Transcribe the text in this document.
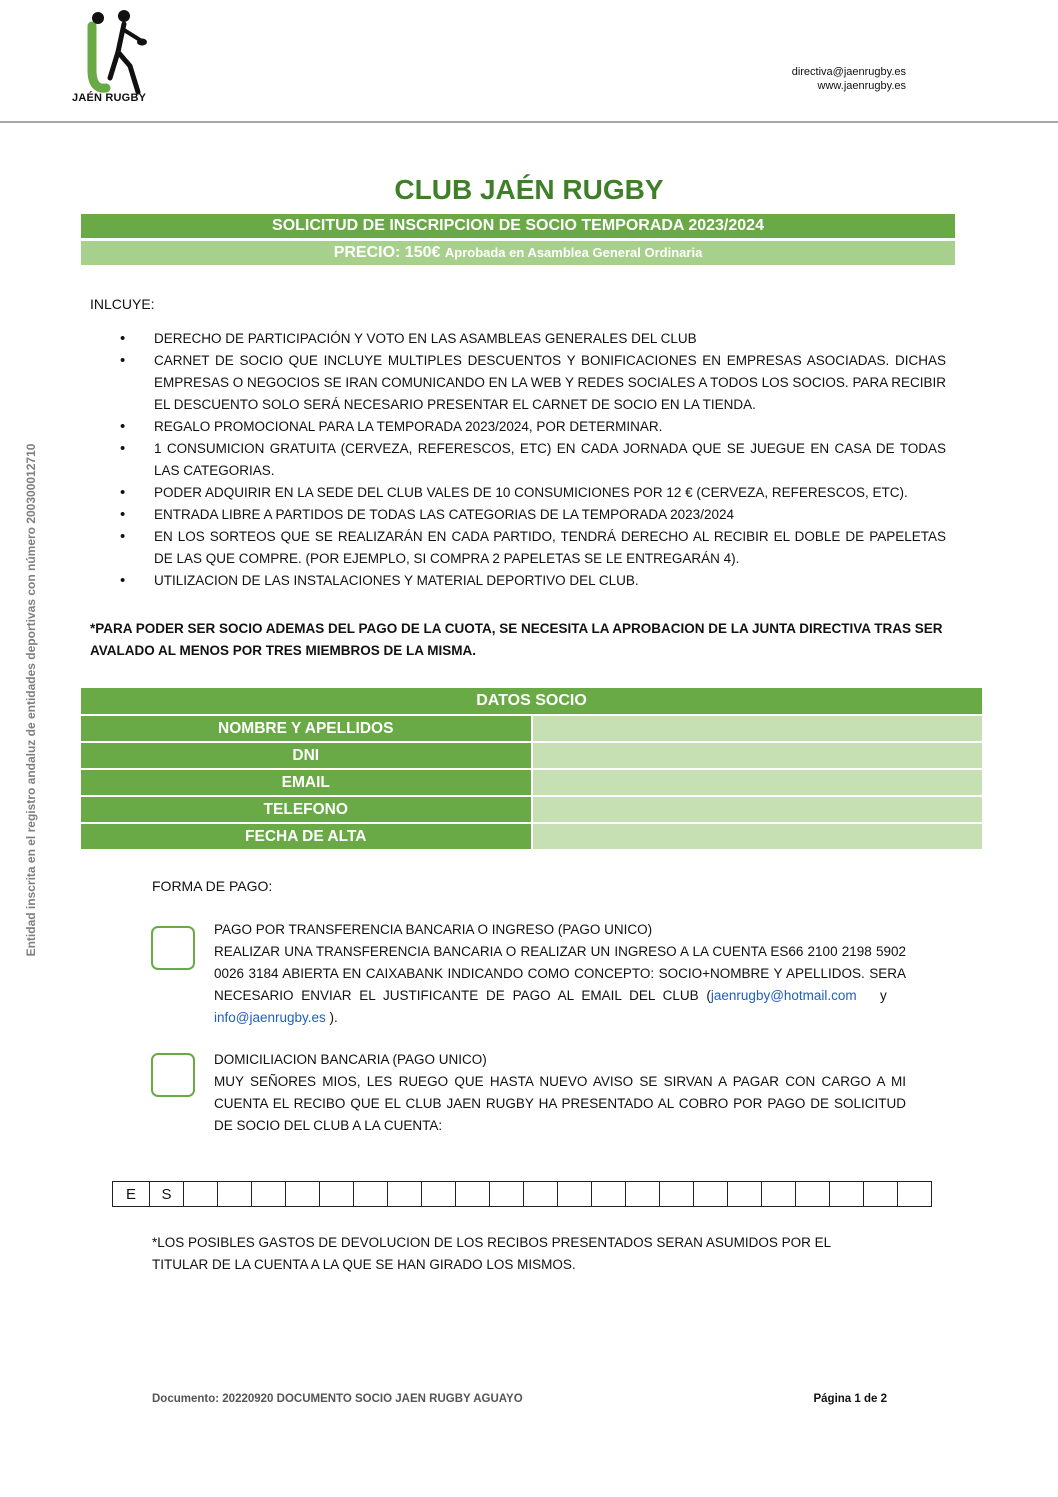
JAÉN RUGBY
directiva@jaenrugby.es
www.jaenrugby.es
CLUB JAÉN RUGBY
SOLICITUD DE INSCRIPCION DE SOCIO TEMPORADA 2023/2024
PRECIO: 150€ Aprobada en Asamblea General Ordinaria
INLCUYE:
• DERECHO DE PARTICIPACIÓN Y VOTO EN LAS ASAMBLEAS GENERALES DEL CLUB
• CARNET DE SOCIO QUE INCLUYE MULTIPLES DESCUENTOS Y BONIFICACIONES EN EMPRESAS ASOCIADAS. DICHAS EMPRESAS O NEGOCIOS SE IRAN COMUNICANDO EN LA WEB Y REDES SOCIALES A TODOS LOS SOCIOS. PARA RECIBIR EL DESCUENTO SOLO SERÁ NECESARIO PRESENTAR EL CARNET DE SOCIO EN LA TIENDA.
• REGALO PROMOCIONAL PARA LA TEMPORADA 2023/2024, POR DETERMINAR.
• 1 CONSUMICION GRATUITA (CERVEZA, REFERESCOS, ETC) EN CADA JORNADA QUE SE JUEGUE EN CASA DE TODAS LAS CATEGORIAS.
• PODER ADQUIRIR EN LA SEDE DEL CLUB VALES DE 10 CONSUMICIONES POR 12 € (CERVEZA, REFERESCOS, ETC).
• ENTRADA LIBRE A PARTIDOS DE TODAS LAS CATEGORIAS DE LA TEMPORADA 2023/2024
• EN LOS SORTEOS QUE SE REALIZARÁN EN CADA PARTIDO, TENDRÁ DERECHO AL RECIBIR EL DOBLE DE PAPELETAS DE LAS QUE COMPRE. (POR EJEMPLO, SI COMPRA 2 PAPELETAS SE LE ENTREGARÁN 4).
• UTILIZACION DE LAS INSTALACIONES Y MATERIAL DEPORTIVO DEL CLUB.
*PARA PODER SER SOCIO ADEMAS DEL PAGO DE LA CUOTA, SE NECESITA LA APROBACION DE LA JUNTA DIRECTIVA TRAS SER AVALADO AL MENOS POR TRES MIEMBROS DE LA MISMA.
DATOS SOCIO	
NOMBRE Y APELLIDOS	
DNI	
EMAIL	
TELEFONO	
FECHA DE ALTA	
FORMA DE PAGO:
PAGO POR TRANSFERENCIA BANCARIA O INGRESO (PAGO UNICO)
REALIZAR UNA TRANSFERENCIA BANCARIA O REALIZAR UN INGRESO A LA CUENTA ES66 2100 2198 5902 0026 3184 ABIERTA EN CAIXABANK INDICANDO COMO CONCEPTO: SOCIO+NOMBRE Y APELLIDOS. SERA NECESARIO ENVIAR EL JUSTIFICANTE DE PAGO AL EMAIL DEL CLUB (jaenrugby@hotmail.com y    info@jaenrugby.es ).
DOMICILIACION BANCARIA (PAGO UNICO)
MUY SEÑORES MIOS, LES RUEGO QUE HASTA NUEVO AVISO SE SIRVAN A PAGAR CON CARGO A MI CUENTA EL RECIBO QUE EL CLUB JAEN RUGBY HA PRESENTADO AL COBRO POR PAGO DE SOLICITUD DE SOCIO DEL CLUB A LA CUENTA:
E	S																						
*LOS POSIBLES GASTOS DE DEVOLUCION DE LOS RECIBOS PRESENTADOS SERAN ASUMIDOS POR EL TITULAR DE LA CUENTA A LA QUE SE HAN GIRADO LOS MISMOS.
Entidad inscrita en el registro andaluz de entidades deportivas con número 200300012710
Documento: 20220920 DOCUMENTO SOCIO JAEN RUGBY AGUAYO	Página 1 de 2
